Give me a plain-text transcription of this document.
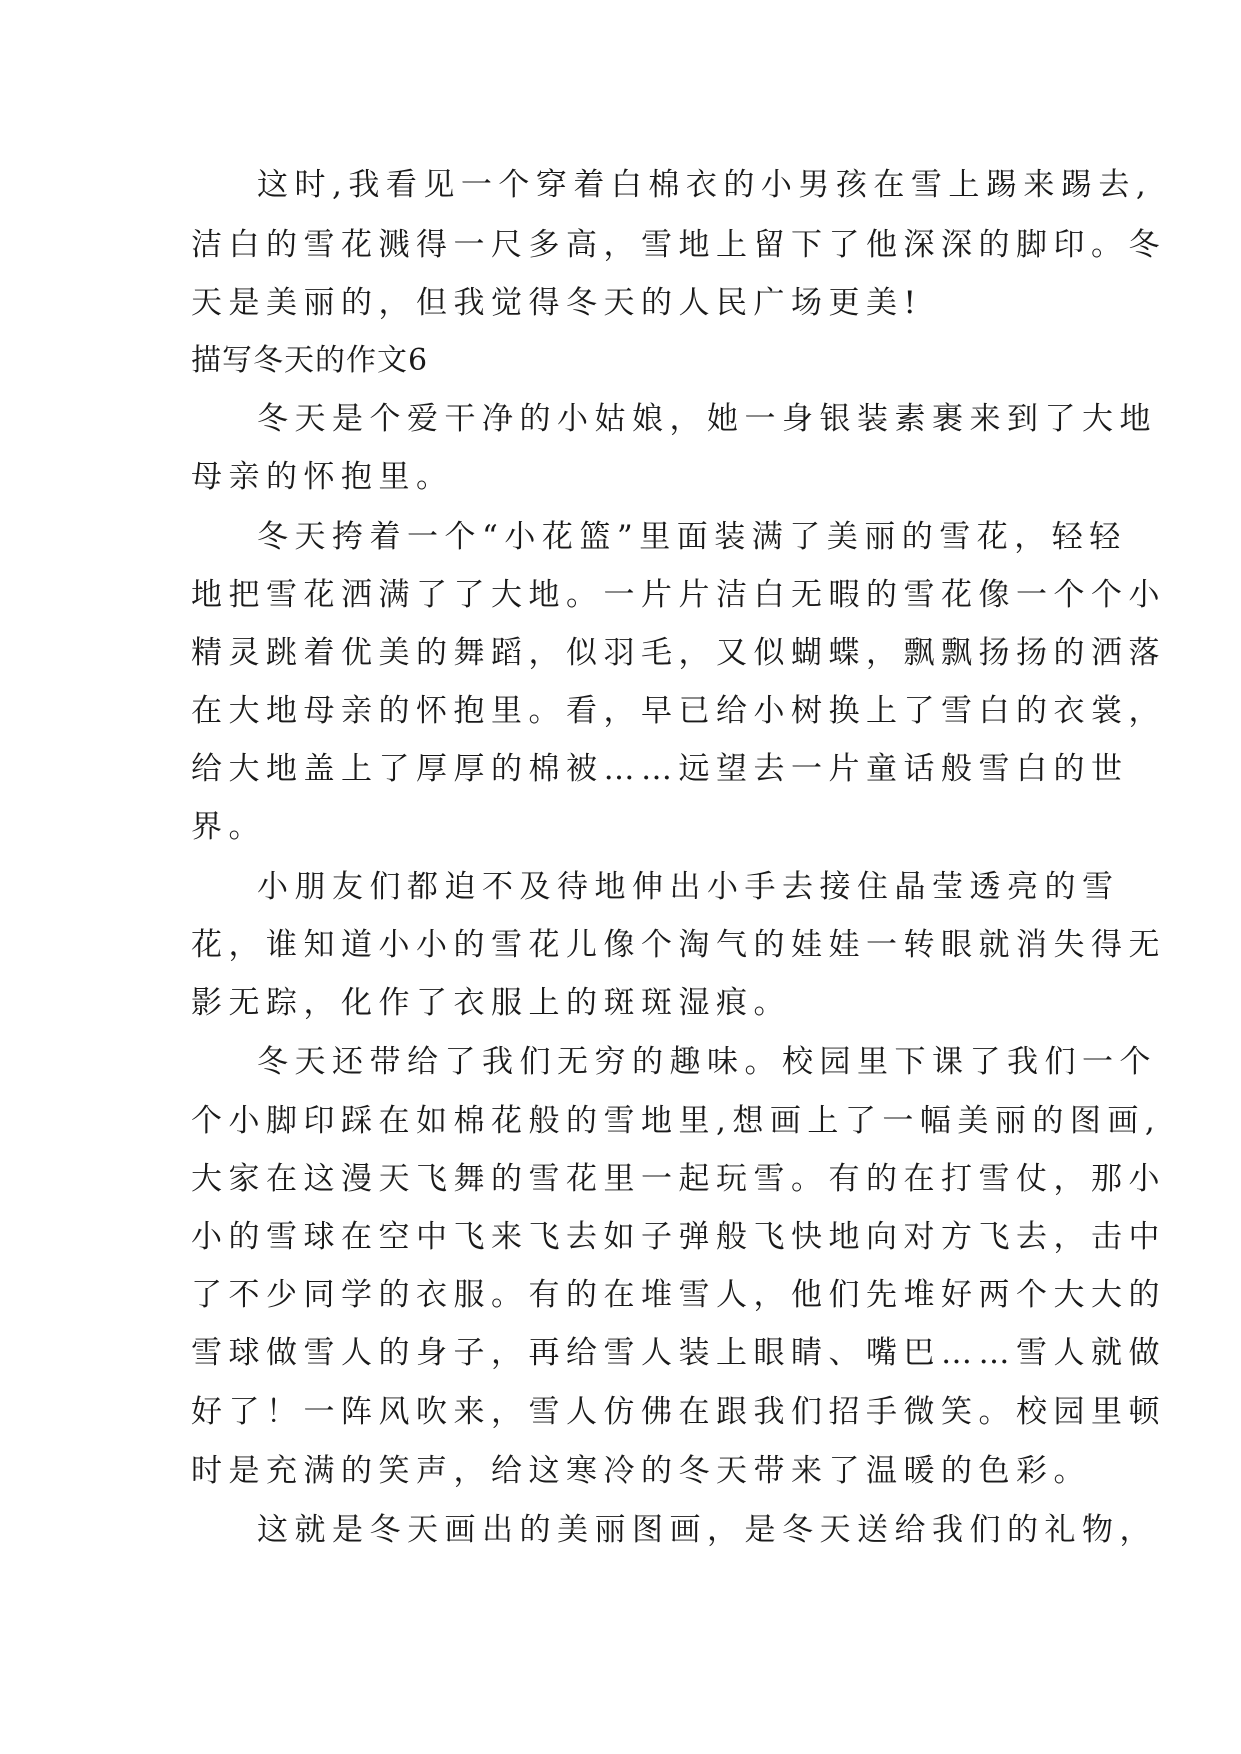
这时,我看见一个穿着白棉衣的小男孩在雪上踢来踢去,
洁白的雪花溅得一尺多高，雪地上留下了他深深的脚印。冬
天是美丽的，但我觉得冬天的人民广场更美!
描写冬天的作文6
冬天是个爱干净的小姑娘，她一身银装素裹来到了大地
母亲的怀抱里。
冬天挎着一个“小花篮”里面装满了美丽的雪花，轻轻
地把雪花洒满了了大地。一片片洁白无暇的雪花像一个个小
精灵跳着优美的舞蹈，似羽毛，又似蝴蝶，飘飘扬扬的洒落
在大地母亲的怀抱里。看，早已给小树换上了雪白的衣裳，
给大地盖上了厚厚的棉被……远望去一片童话般雪白的世
界。
小朋友们都迫不及待地伸出小手去接住晶莹透亮的雪
花，谁知道小小的雪花儿像个淘气的娃娃一转眼就消失得无
影无踪，化作了衣服上的斑斑湿痕。
冬天还带给了我们无穷的趣味。校园里下课了我们一个
个小脚印踩在如棉花般的雪地里,想画上了一幅美丽的图画,
大家在这漫天飞舞的雪花里一起玩雪。有的在打雪仗，那小
小的雪球在空中飞来飞去如子弹般飞快地向对方飞去，击中
了不少同学的衣服。有的在堆雪人，他们先堆好两个大大的
雪球做雪人的身子，再给雪人装上眼睛、嘴巴……雪人就做
好了！一阵风吹来，雪人仿佛在跟我们招手微笑。校园里顿
时是充满的笑声，给这寒冷的冬天带来了温暖的色彩。
这就是冬天画出的美丽图画，是冬天送给我们的礼物，
